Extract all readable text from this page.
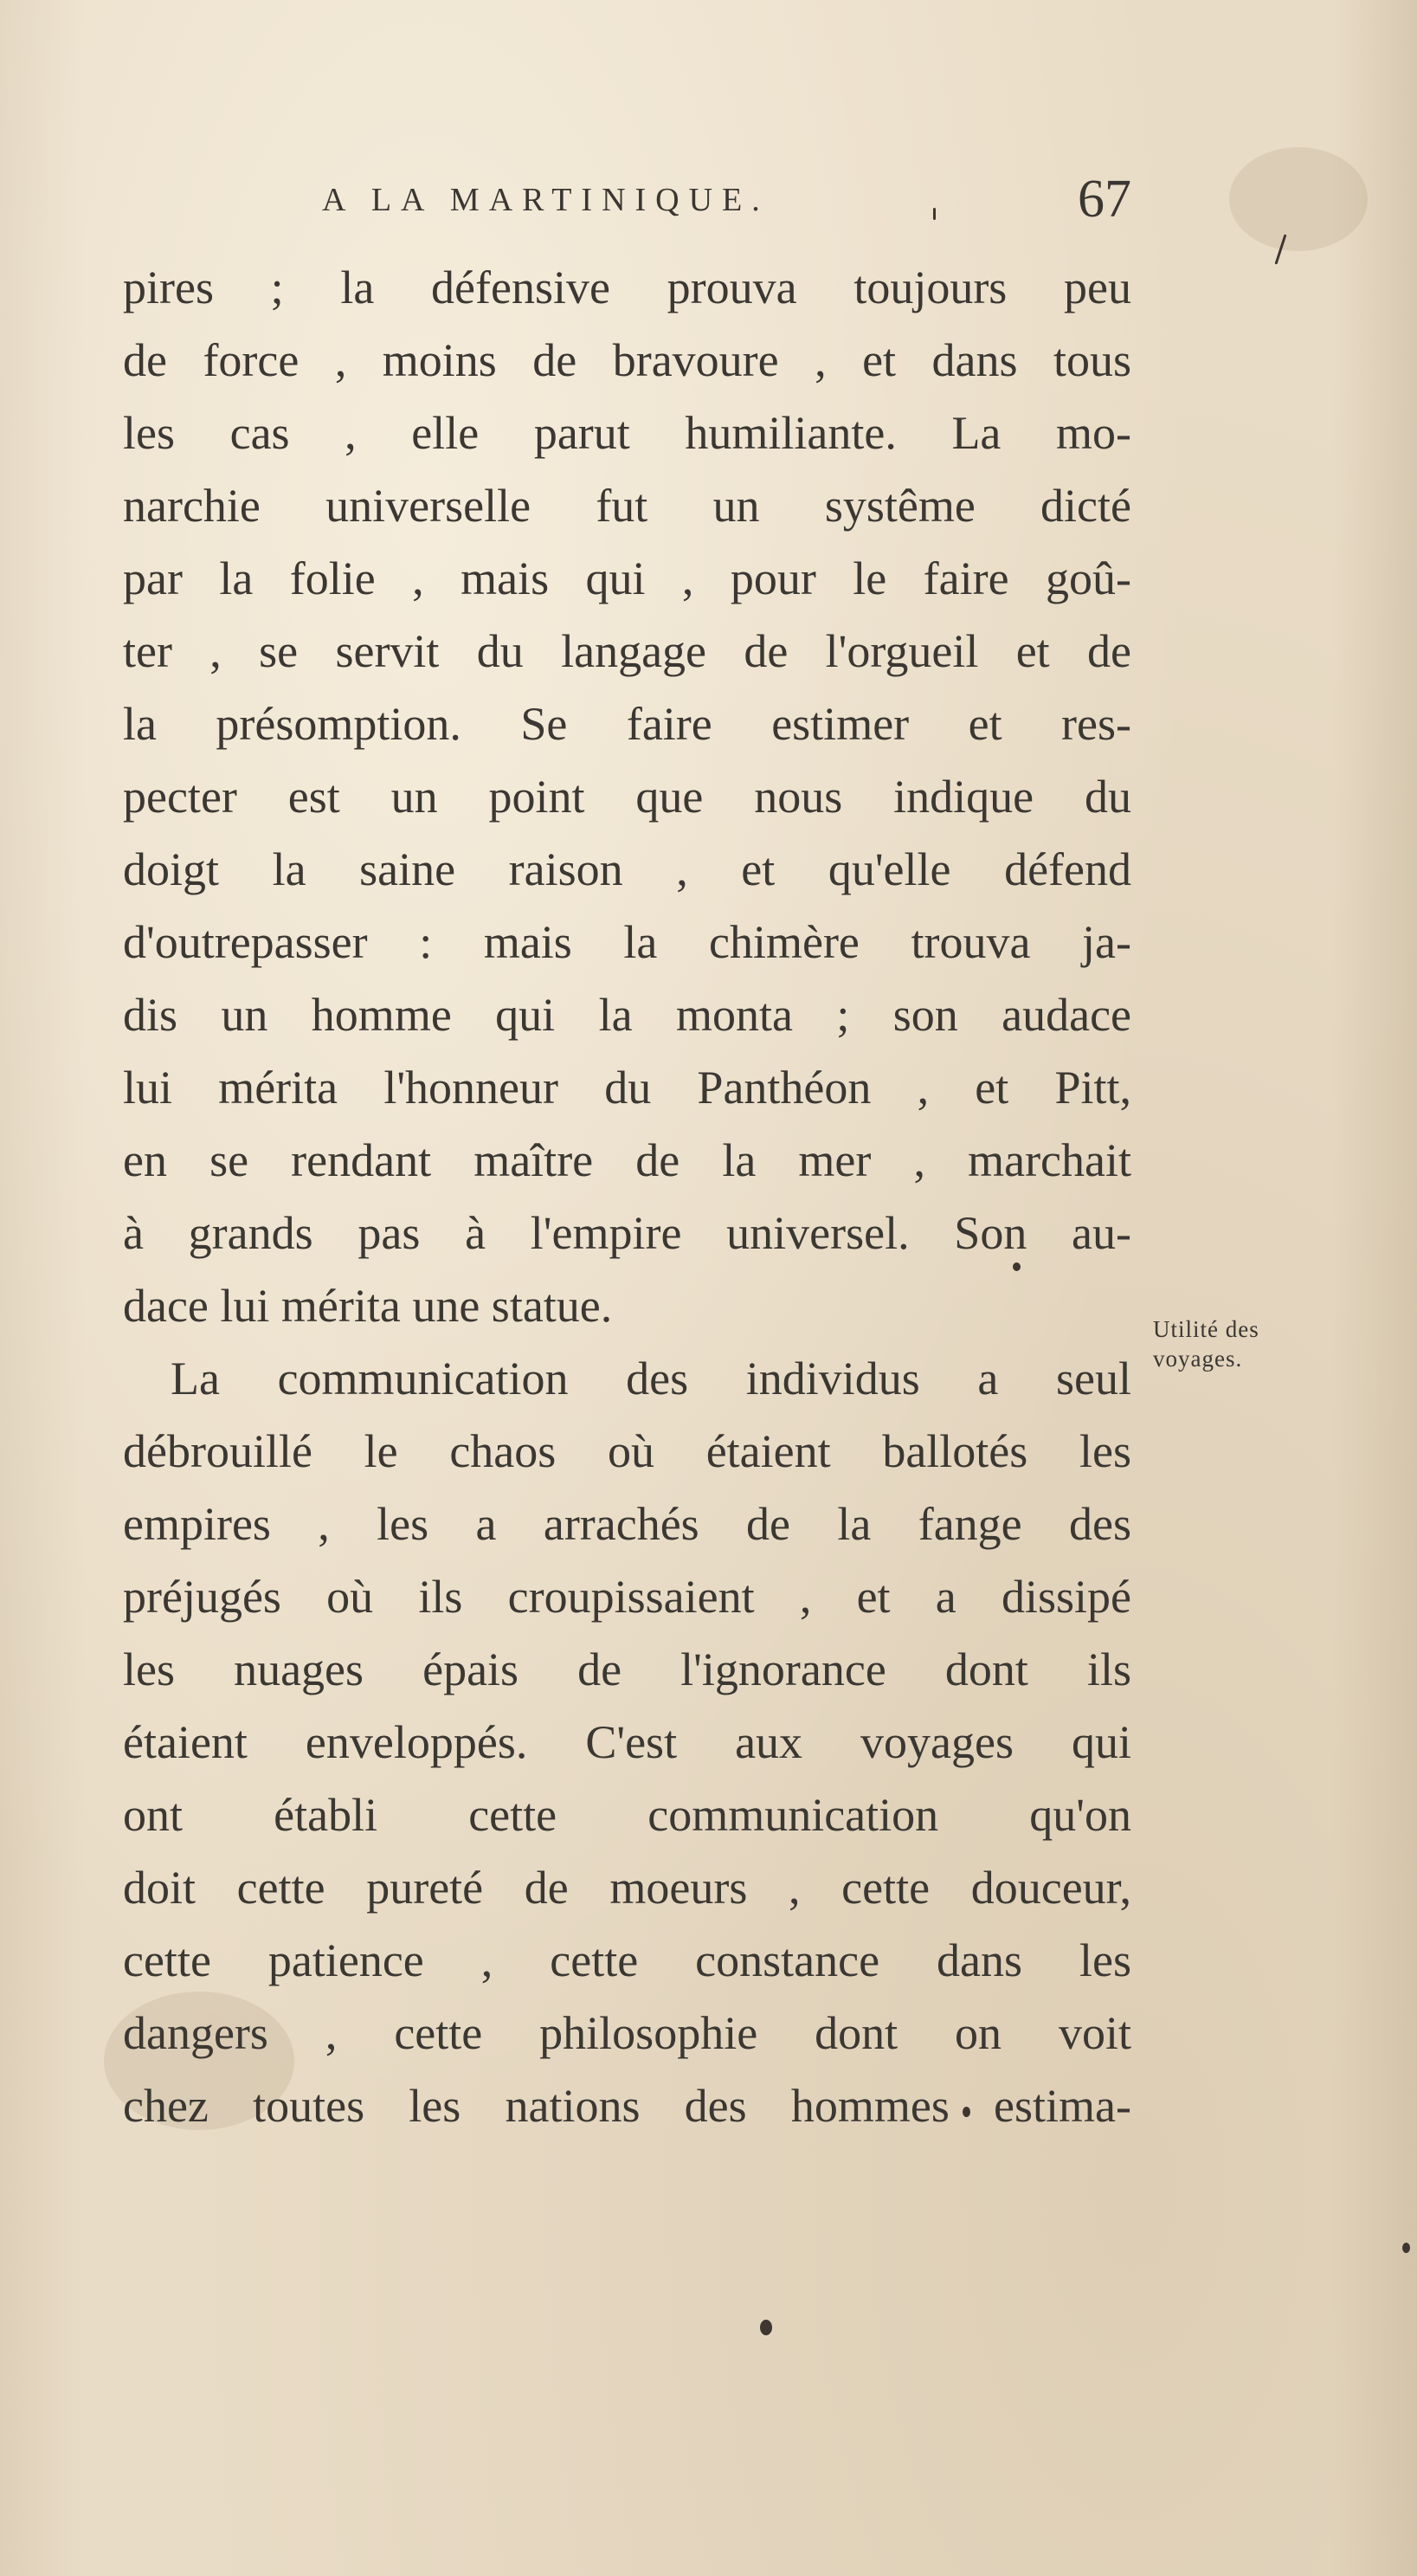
A LA MARTINIQUE.	67
pires ; la défensive prouva toujours peu
de force , moins de bravoure , et dans tous
les cas , elle parut humiliante. La mo-
narchie universelle fut un systême dicté
par la folie , mais qui , pour le faire goû-
ter , se servit du langage de l'orgueil et de
la présomption. Se faire estimer et res-
pecter est un point que nous indique du
doigt la saine raison , et qu'elle défend
d'outrepasser : mais la chimère trouva ja-
dis un homme qui la monta ; son audace
lui mérita l'honneur du Panthéon , et Pitt,
en se rendant maître de la mer , marchait
à grands pas à l'empire universel. Son au-
dace lui mérita une statue.
La communication des individus a seul
débrouillé le chaos où étaient ballotés les
empires , les a arrachés de la fange des
préjugés où ils croupissaient , et a dissipé
les nuages épais de l'ignorance dont ils
étaient enveloppés. C'est aux voyages qui
ont établi cette communication qu'on
doit cette pureté de moeurs , cette douceur,
cette patience , cette constance dans les
dangers , cette philosophie dont on voit
chez toutes les nations des hommes estima-
Utilité des
voyages.
